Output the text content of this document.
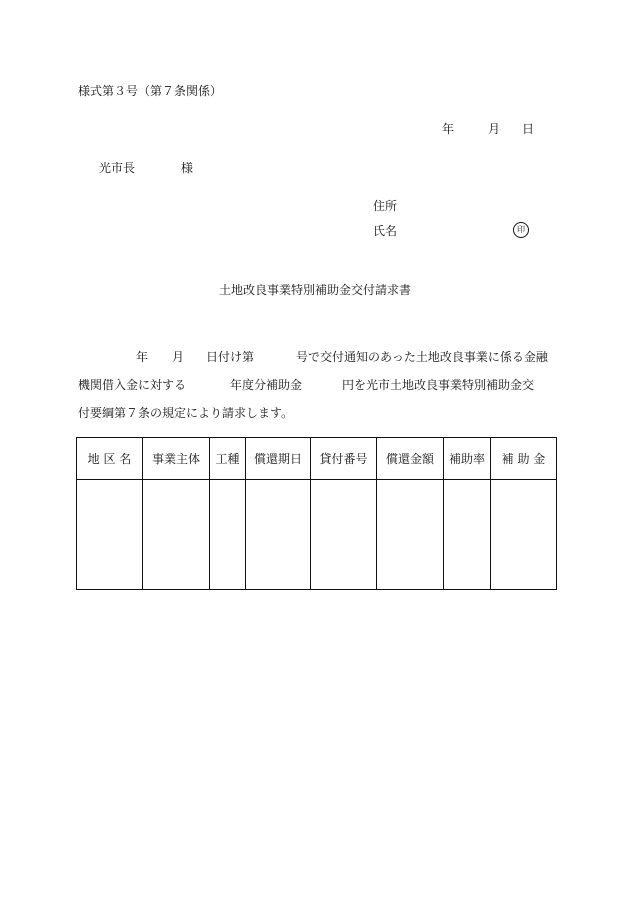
様式第３号（第７条関係）
年	月 日
光市長	様
住所
氏名	印
土地改良事業特別補助金交付請求書
年 月 日付け第	号で交付通知のあった土地改良事業に係る金融
機関借入金に対する	年度分補助金	円を光市土地改良事業特別補助金交
付要綱第７条の規定により請求します。
地 区 名	事業主体	工種	償還期日	貸付番号	償還金額	補助率	補 助 金
